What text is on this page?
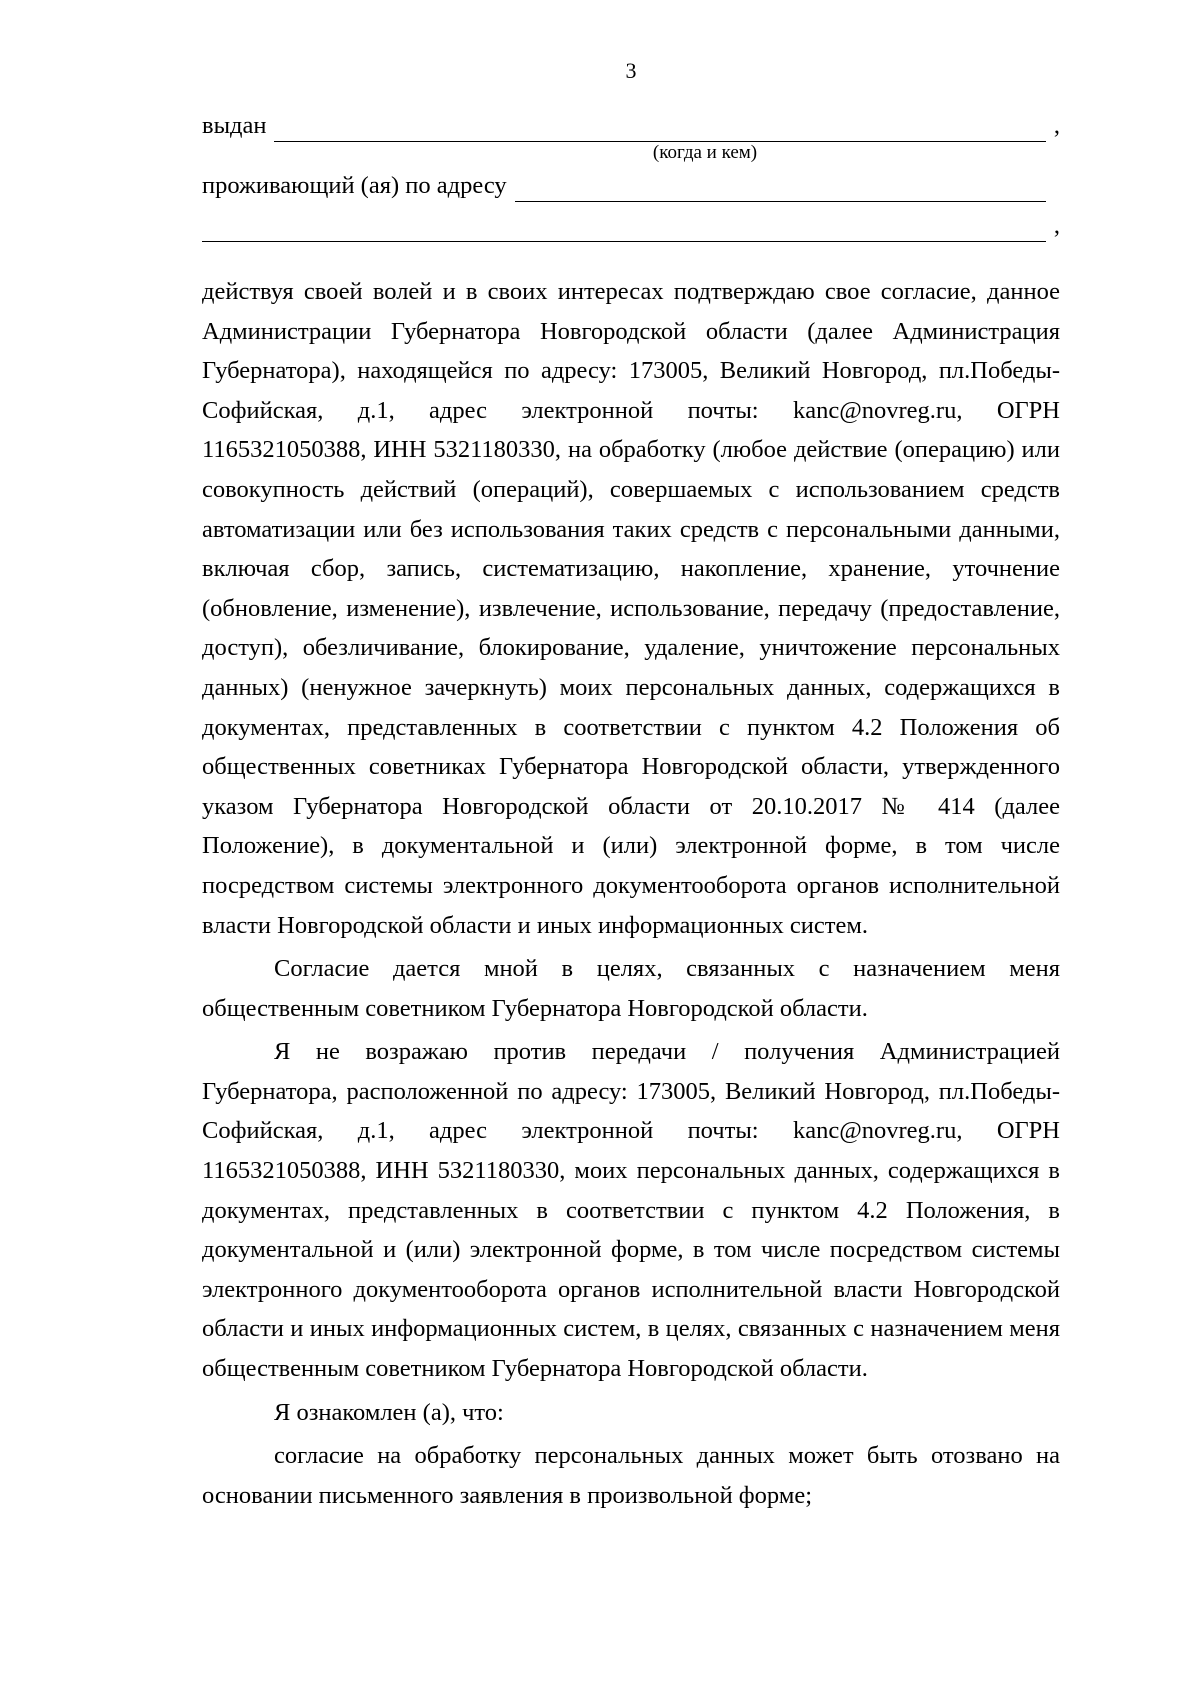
3
выдан	,
(когда и кем)
проживающий (ая) по адресу
,

действуя своей волей и в своих интересах подтверждаю свое согласие, данное Администрации Губернатора Новгородской области (далее Администрация Губернатора), находящейся по адресу: 173005, Великий Новгород, пл.Победы-Софийская, д.1, адрес электронной почты: kanc@novreg.ru, ОГРН 1165321050388, ИНН 5321180330, на обработку (любое действие (операцию) или совокупность действий (операций), совершаемых с использованием средств автоматизации или без использования таких средств с персональными данными, включая сбор, запись, систематизацию, накопление, хранение, уточнение (обновление, изменение), извлечение, использование, передачу (предоставление, доступ), обезличивание, блокирование, удаление, уничтожение персональных данных) (ненужное зачеркнуть) моих персональных данных, содержащихся в документах, представленных в соответствии с пунктом 4.2 Положения об общественных советниках Губернатора Новгородской области, утвержденного указом Губернатора Новгородской области от 20.10.2017 № 414 (далее Положение), в документальной и (или) электронной форме, в том числе посредством системы электронного документооборота органов исполнительной власти Новгородской области и иных информационных систем.

Согласие дается мной в целях, связанных с назначением меня общественным советником Губернатора Новгородской области.

Я не возражаю против передачи / получения Администрацией Губернатора, расположенной по адресу: 173005, Великий Новгород, пл.Победы-Софийская, д.1, адрес электронной почты: kanc@novreg.ru, ОГРН 1165321050388, ИНН 5321180330, моих персональных данных, содержащихся в документах, представленных в соответствии с пунктом 4.2 Положения, в документальной и (или) электронной форме, в том числе посредством системы электронного документооборота органов исполнительной власти Новгородской области и иных информационных систем, в целях, связанных с назначением меня общественным советником Губернатора Новгородской области.

Я ознакомлен (а), что:

согласие на обработку персональных данных может быть отозвано на основании письменного заявления в произвольной форме;
